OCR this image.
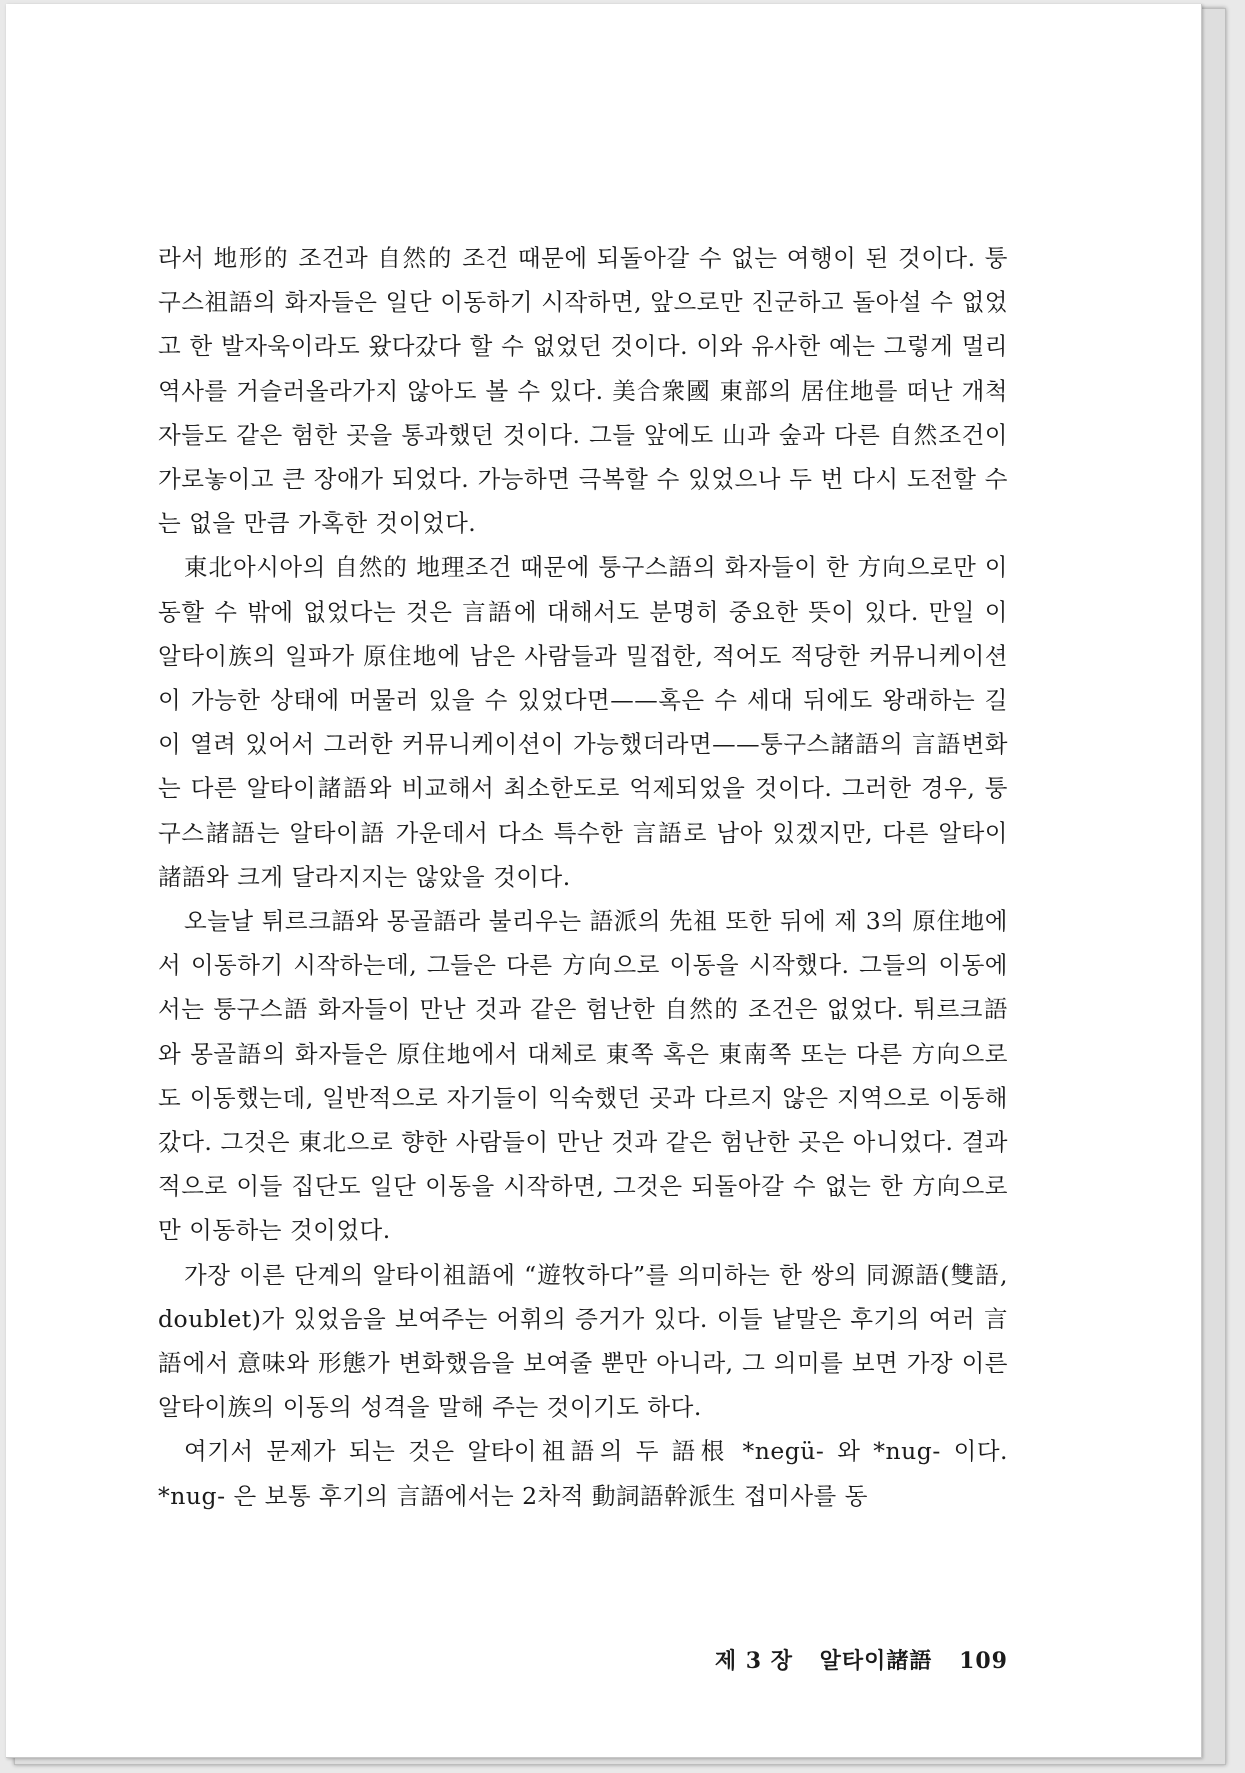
라서 地形的 조건과 自然的 조건 때문에 되돌아갈 수 없는 여행이 된 것이다. 퉁구스祖語의 화자들은 일단 이동하기 시작하면, 앞으로만 진군하고 돌아설 수 없었고 한 발자욱이라도 왔다갔다 할 수 없었던 것이다. 이와 유사한 예는 그렇게 멀리 역사를 거슬러올라가지 않아도 볼 수 있다. 美合衆國 東部의 居住地를 떠난 개척자들도 같은 험한 곳을 통과했던 것이다. 그들 앞에도 山과 숲과 다른 自然조건이 가로놓이고 큰 장애가 되었다. 가능하면 극복할 수 있었으나 두 번 다시 도전할 수는 없을 만큼 가혹한 것이었다.

東北아시아의 自然的 地理조건 때문에 퉁구스語의 화자들이 한 方向으로만 이동할 수 밖에 없었다는 것은 言語에 대해서도 분명히 중요한 뜻이 있다. 만일 이 알타이族의 일파가 原住地에 남은 사람들과 밀접한, 적어도 적당한 커뮤니케이션이 가능한 상태에 머물러 있을 수 있었다면——혹은 수 세대 뒤에도 왕래하는 길이 열려 있어서 그러한 커뮤니케이션이 가능했더라면——퉁구스諸語의 言語변화는 다른 알타이諸語와 비교해서 최소한도로 억제되었을 것이다. 그러한 경우, 퉁구스諸語는 알타이語 가운데서 다소 특수한 言語로 남아 있겠지만, 다른 알타이諸語와 크게 달라지지는 않았을 것이다.

오늘날 튀르크語와 몽골語라 불리우는 語派의 先祖 또한 뒤에 제 3의 原住地에서 이동하기 시작하는데, 그들은 다른 方向으로 이동을 시작했다. 그들의 이동에서는 퉁구스語 화자들이 만난 것과 같은 험난한 自然的 조건은 없었다. 튀르크語와 몽골語의 화자들은 原住地에서 대체로 東쪽 혹은 東南쪽 또는 다른 方向으로도 이동했는데, 일반적으로 자기들이 익숙했던 곳과 다르지 않은 지역으로 이동해 갔다. 그것은 東北으로 향한 사람들이 만난 것과 같은 험난한 곳은 아니었다. 결과적으로 이들 집단도 일단 이동을 시작하면, 그것은 되돌아갈 수 없는 한 方向으로만 이동하는 것이었다.

가장 이른 단계의 알타이祖語에 “遊牧하다”를 의미하는 한 쌍의 同源語(雙語, doublet)가 있었음을 보여주는 어휘의 증거가 있다. 이들 낱말은 후기의 여러 言語에서 意味와 形態가 변화했음을 보여줄 뿐만 아니라, 그 의미를 보면 가장 이른 알타이族의 이동의 성격을 말해 주는 것이기도 하다.

여기서 문제가 되는 것은 알타이祖語의 두 語根 *negü- 와 *nug- 이다. *nug- 은 보통 후기의 言語에서는 2차적 動詞語幹派生 접미사를 동

제 3 장 알타이諸語 109
